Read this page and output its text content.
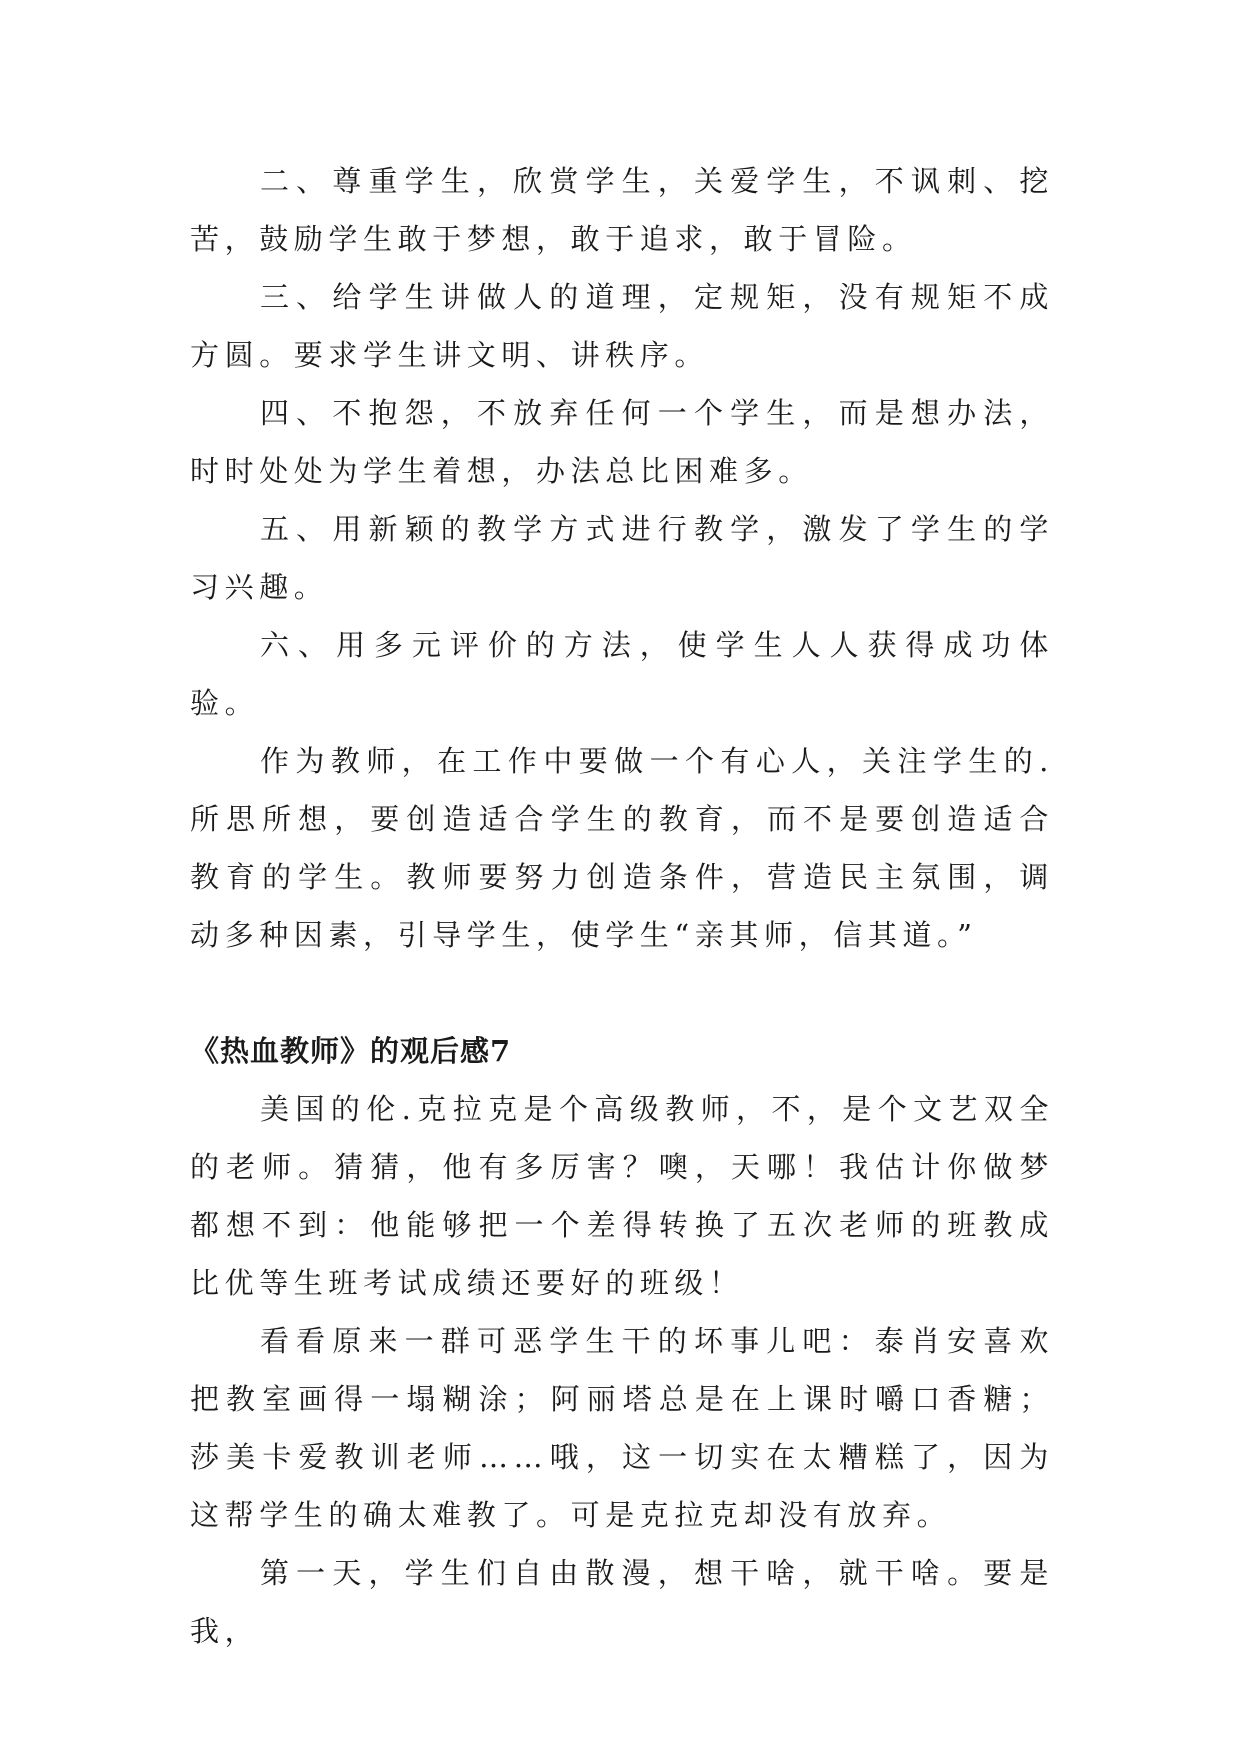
二、尊重学生，欣赏学生，关爱学生，不讽刺、挖苦，鼓励学生敢于梦想，敢于追求，敢于冒险。

三、给学生讲做人的道理，定规矩，没有规矩不成方圆。要求学生讲文明、讲秩序。

四、不抱怨，不放弃任何一个学生，而是想办法，时时处处为学生着想，办法总比困难多。

五、用新颖的教学方式进行教学，激发了学生的学习兴趣。

六、用多元评价的方法，使学生人人获得成功体验。

作为教师，在工作中要做一个有心人，关注学生的.所思所想，要创造适合学生的教育，而不是要创造适合教育的学生。教师要努力创造条件，营造民主氛围，调动多种因素，引导学生，使学生“亲其师，信其道。”

《热血教师》的观后感7

美国的伦.克拉克是个高级教师，不，是个文艺双全的老师。猜猜，他有多厉害？噢，天哪！我估计你做梦都想不到：他能够把一个差得转换了五次老师的班教成比优等生班考试成绩还要好的班级！

看看原来一群可恶学生干的坏事儿吧：泰肖安喜欢把教室画得一塌糊涂；阿丽塔总是在上课时嚼口香糖；莎美卡爱教训老师……哦，这一切实在太糟糕了，因为这帮学生的确太难教了。可是克拉克却没有放弃。

第一天，学生们自由散漫，想干啥，就干啥。要是我，
